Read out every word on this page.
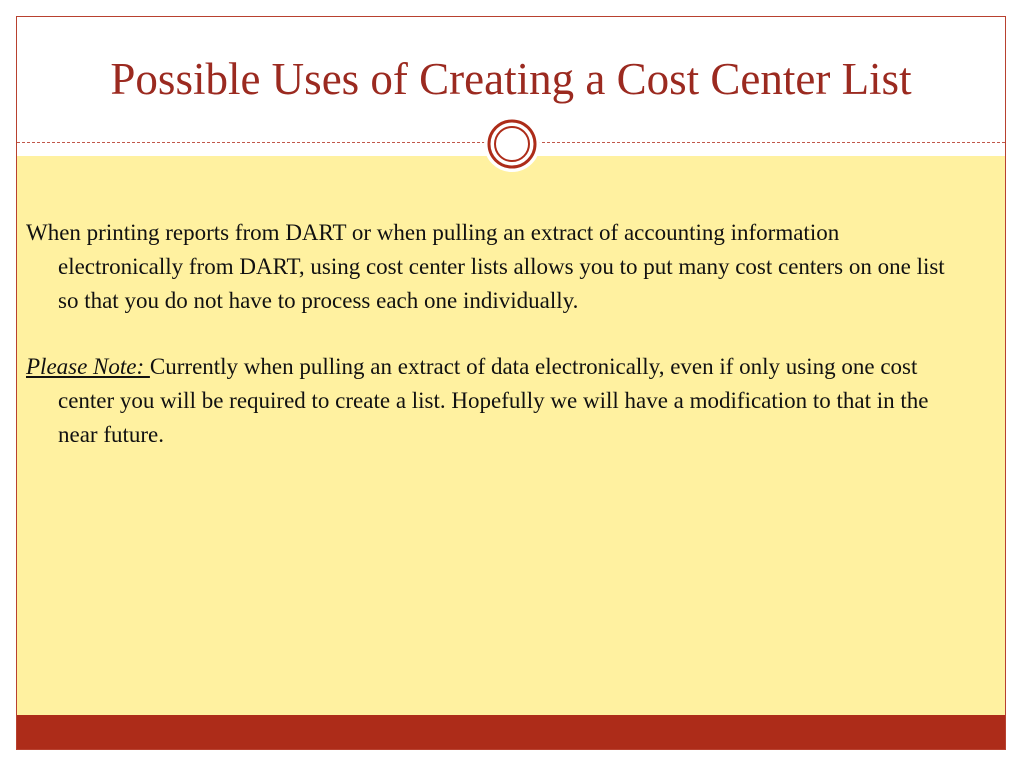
Possible Uses of Creating a Cost Center List

When printing reports from DART or when pulling an extract of accounting information electronically from DART, using cost center lists allows you to put many cost centers on one list so that you do not have to process each one individually.

Please Note: Currently when pulling an extract of data electronically, even if only using one cost center you will be required to create a list. Hopefully we will have a modification to that in the near future.
